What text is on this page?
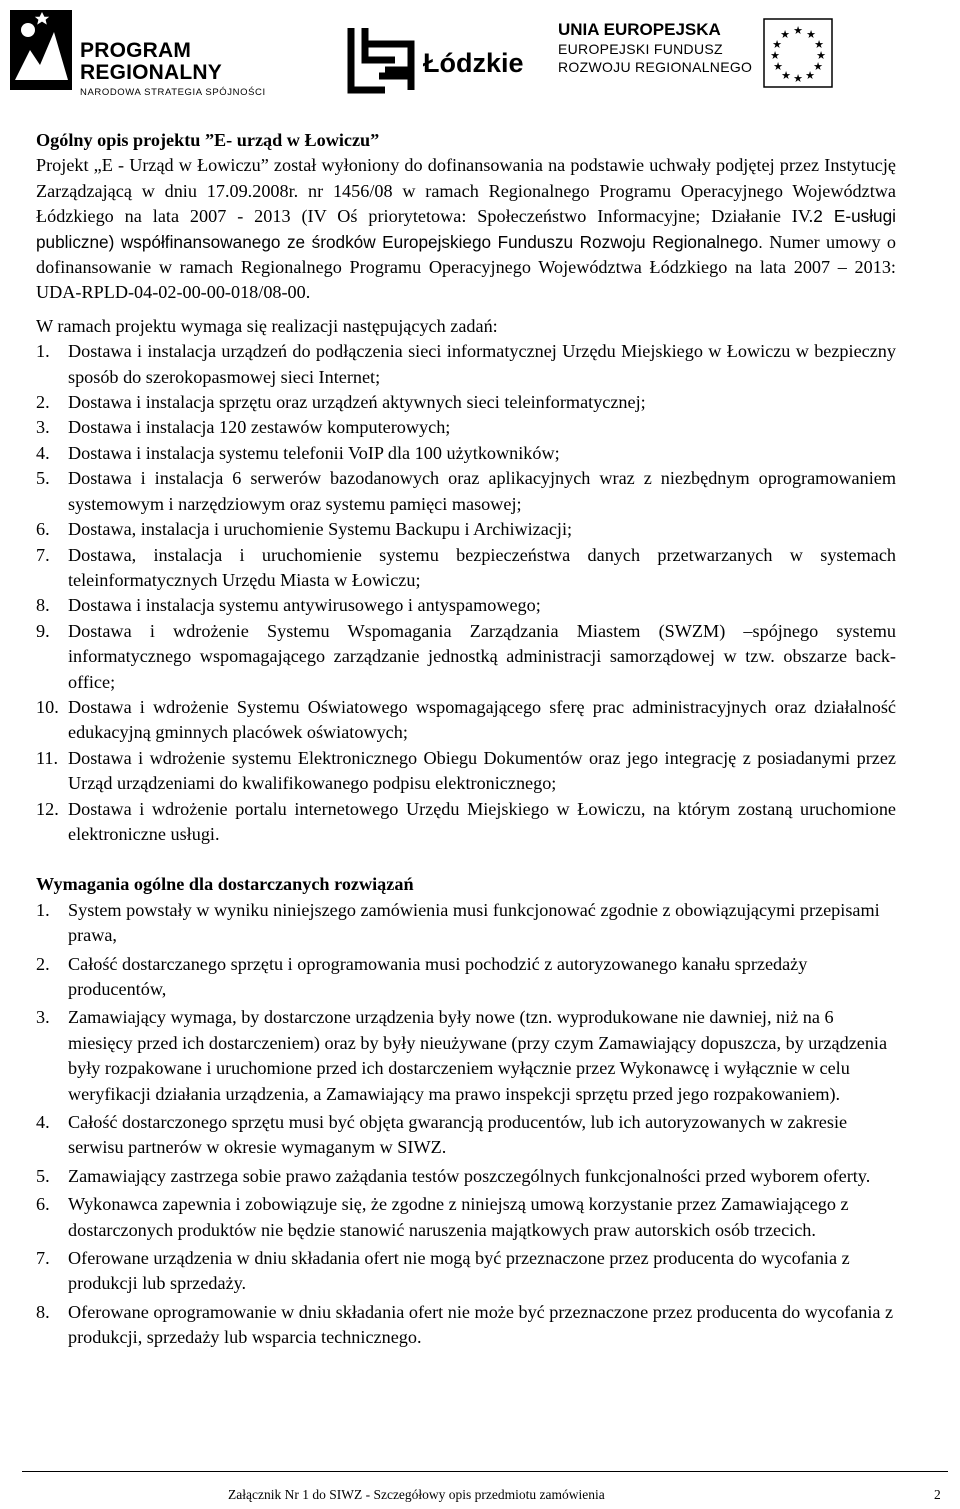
PROGRAM REGIONALNY
NARODOWA STRATEGIA SPÓJNOŚCI
Łódzkie
UNIA EUROPEJSKA
EUROPEJSKI FUNDUSZ
ROZWOJU REGIONALNEGO
★ ★
★
★
★
★
★
★
★
★
★
★
Ogólny opis projektu ”E- urząd w Łowiczu”
Projekt „E - Urząd w Łowiczu” został wyłoniony do dofinansowania na podstawie uchwały podjętej przez Instytucję Zarządzającą w dniu 17.09.2008r. nr 1456/08 w ramach Regionalnego Programu Operacyjnego Województwa Łódzkiego na lata 2007 - 2013 (IV Oś priorytetowa: Społeczeństwo Informacyjne; Działanie IV.2 E-usługi publiczne) współfinansowanego ze środków Europejskiego Funduszu Rozwoju Regionalnego. Numer umowy o dofinansowanie w ramach Regionalnego Programu Operacyjnego Województwa Łódzkiego na lata 2007 – 2013: UDA-RPLD-04-02-00-00-018/08-00.
W ramach projektu wymaga się realizacji następujących zadań:
1. Dostawa i instalacja urządzeń do podłączenia sieci informatycznej Urzędu Miejskiego w Łowiczu w bezpieczny sposób do szerokopasmowej sieci Internet;
2. Dostawa i instalacja sprzętu oraz urządzeń aktywnych sieci teleinformatycznej;
3. Dostawa i instalacja 120 zestawów komputerowych;
4. Dostawa i instalacja systemu telefonii VoIP dla 100 użytkowników;
5. Dostawa i instalacja 6 serwerów bazodanowych oraz aplikacyjnych wraz z niezbędnym oprogramowaniem systemowym i narzędziowym oraz systemu pamięci masowej;
6. Dostawa, instalacja i uruchomienie Systemu Backupu i Archiwizacji;
7. Dostawa, instalacja i uruchomienie systemu bezpieczeństwa danych przetwarzanych w systemach teleinformatycznych Urzędu Miasta w Łowiczu;
8. Dostawa i instalacja systemu antywirusowego i antyspamowego;
9. Dostawa i wdrożenie Systemu Wspomagania Zarządzania Miastem (SWZM) –spójnego systemu informatycznego wspomagającego zarządzanie jednostką administracji samorządowej w tzw. obszarze back-office;
10. Dostawa i wdrożenie Systemu Oświatowego wspomagającego sferę prac administracyjnych oraz działalność edukacyjną gminnych placówek oświatowych;
11. Dostawa i wdrożenie systemu Elektronicznego Obiegu Dokumentów oraz jego integrację z posiadanymi przez Urząd urządzeniami do kwalifikowanego podpisu elektronicznego;
12. Dostawa i wdrożenie portalu internetowego Urzędu Miejskiego w Łowiczu, na którym zostaną uruchomione elektroniczne usługi.
Wymagania ogólne dla dostarczanych rozwiązań
1. System powstały w wyniku niniejszego zamówienia musi funkcjonować zgodnie z obowiązującymi przepisami prawa,
2. Całość dostarczanego sprzętu i oprogramowania musi pochodzić z autoryzowanego kanału sprzedaży producentów,
3. Zamawiający wymaga, by dostarczone urządzenia były nowe (tzn. wyprodukowane nie dawniej, niż na 6 miesięcy przed ich dostarczeniem) oraz by były nieużywane (przy czym Zamawiający dopuszcza, by urządzenia były rozpakowane i uruchomione przed ich dostarczeniem wyłącznie przez Wykonawcę i wyłącznie w celu weryfikacji działania urządzenia, a Zamawiający ma prawo inspekcji sprzętu przed jego rozpakowaniem).
4. Całość dostarczonego sprzętu musi być objęta gwarancją producentów, lub ich autoryzowanych w zakresie serwisu partnerów w okresie wymaganym w SIWZ.
5. Zamawiający zastrzega sobie prawo zażądania testów poszczególnych funkcjonalności przed wyborem oferty.
6. Wykonawca zapewnia i zobowiązuje się, że zgodne z niniejszą umową korzystanie przez Zamawiającego z dostarczonych produktów nie będzie stanowić naruszenia majątkowych praw autorskich osób trzecich.
7. Oferowane urządzenia w dniu składania ofert nie mogą być przeznaczone przez producenta do wycofania z produkcji lub sprzedaży.
8. Oferowane oprogramowanie w dniu składania ofert nie może być przeznaczone przez producenta do wycofania z produkcji, sprzedaży lub wsparcia technicznego.
Załącznik Nr 1 do SIWZ - Szczegółowy opis przedmiotu zamówienia	2
